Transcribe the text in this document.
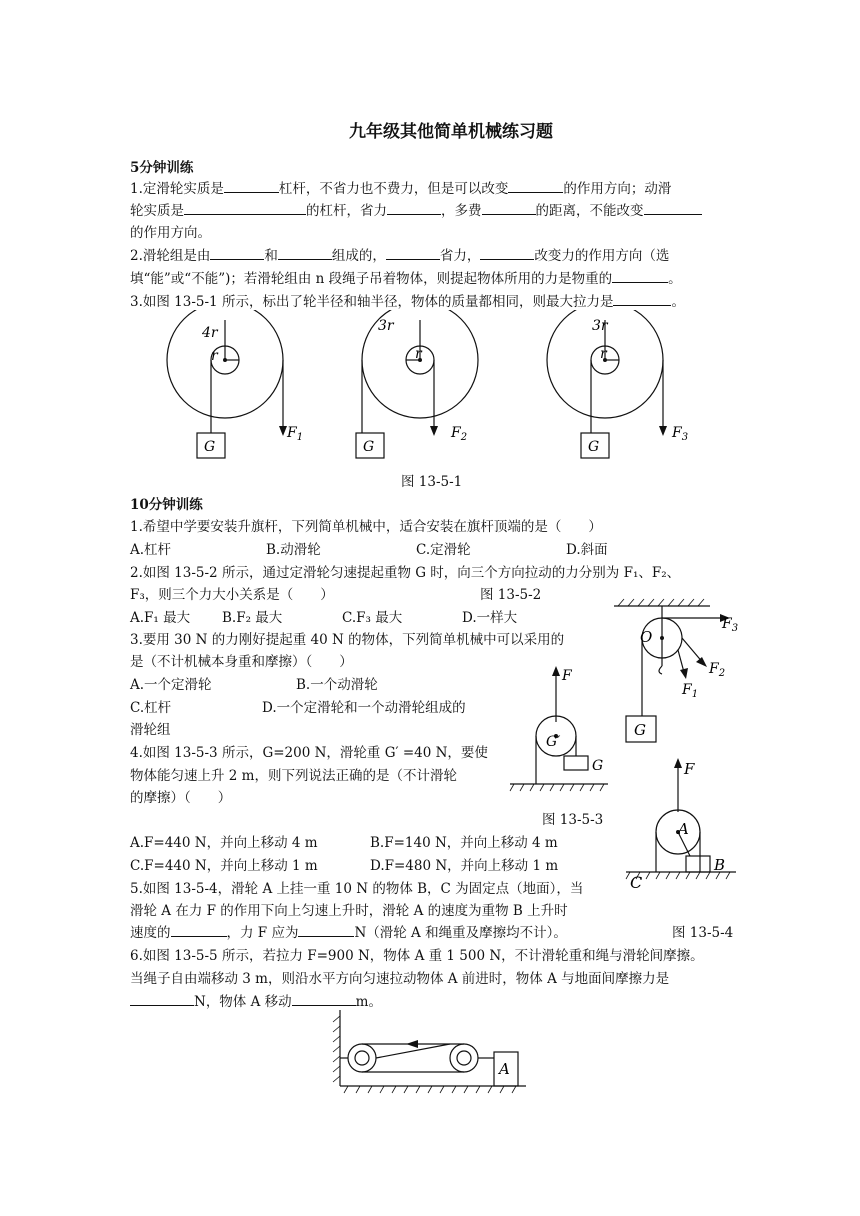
九年级其他简单机械练习题
5分钟训练
1.定滑轮实质是	杠杆，不省力也不费力，但是可以改变	的作用方向；动滑
轮实质是	的杠杆，省力	，多费	的距离，不能改变
的作用方向。
2.滑轮组是由	和	组成的，	省力，	改变力的作用方向（选
填“能”或“不能”)；若滑轮组由 n 段绳子吊着物体，则提起物体所用的力是物重的	。
3.如图 13-5-1 所示，标出了轮半径和轴半径，物体的质量都相同，则最大拉力是	。
4r
r
3r
r
3r
r
G	G	G
$F_1$	$F_2$	$F_3$
图 13-5-1
10分钟训练
1.希望中学要安装升旗杆，下列简单机械中，适合安装在旗杆顶端的是（　　）
A.杠杆	B.动滑轮	C.定滑轮	D.斜面
2.如图 13-5-2 所示，通过定滑轮匀速提起重物 G 时，向三个方向拉动的力分别为 F₁、F₂、
F₃，则三个力大小关系是（　　）	图 13-5-2
A.F₁ 最大 B.F₂ 最大	C.F₃ 最大	D.一样大
O
$F_3$
$F_2$
$F_1$
G
3.要用 30 N 的力刚好提起重 40 N 的物体，下列简单机械中可以采用的
是（不计机械本身重和摩擦）（　　）
A.一个定滑轮	B.一个动滑轮
C.杠杆	D.一个定滑轮和一个动滑轮组成的
滑轮组
F
G′
G
4.如图 13-5-3 所示，G=200 N，滑轮重 G′ =40 N，要使
物体能匀速上升 2 m，则下列说法正确的是（不计滑轮
的摩擦）（　　）
图 13-5-3
F
A
B
C
A.F=440 N，并向上移动 4 m	B.F=140 N，并向上移动 4 m
C.F=440 N，并向上移动 1 m	D.F=480 N，并向上移动 1 m
5.如图 13-5-4，滑轮 A 上挂一重 10 N 的物体 B，C 为固定点（地面），当
滑轮 A 在力 F 的作用下向上匀速上升时，滑轮 A 的速度为重物 B 上升时
速度的	，力 F 应为	N（滑轮 A 和绳重及摩擦均不计）。	图 13-5-4
6.如图 13-5-5 所示，若拉力 F=900 N，物体 A 重 1 500 N，不计滑轮重和绳与滑轮间摩擦。
当绳子自由端移动 3 m，则沿水平方向匀速拉动物体 A 前进时，物体 A 与地面间摩擦力是
N，物体 A 移动	m。
A
